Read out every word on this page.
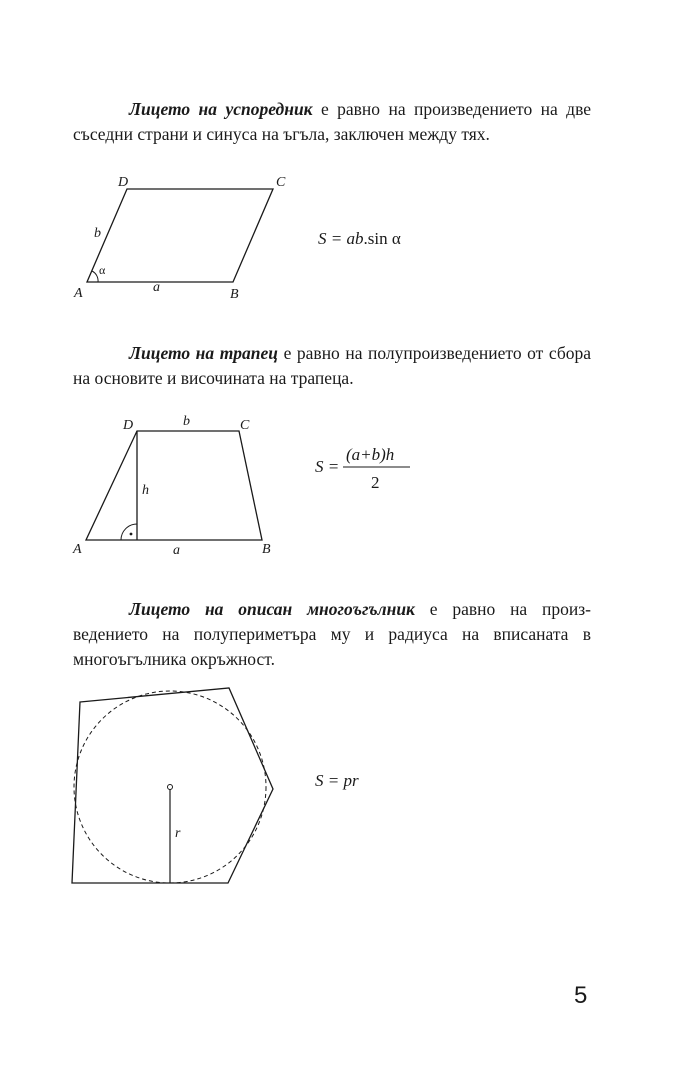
Лицето на успоредник е равно на произведението на две съседни страни и синуса на ъгъла, заключен между тях.
Лицето на трапец е равно на полупроизведението от сбора на основите и височината на трапеца.
Лицето на описан многоъгълник е равно на произ-ведението на полупериметъра му и радиуса на вписаната в многоъгълника окръжност.
A	B
C
D
a
b
α
S = ab.sin α
A	B
C
D	b
a
h
S =
(a+b)h
2
r
S = pr
5
